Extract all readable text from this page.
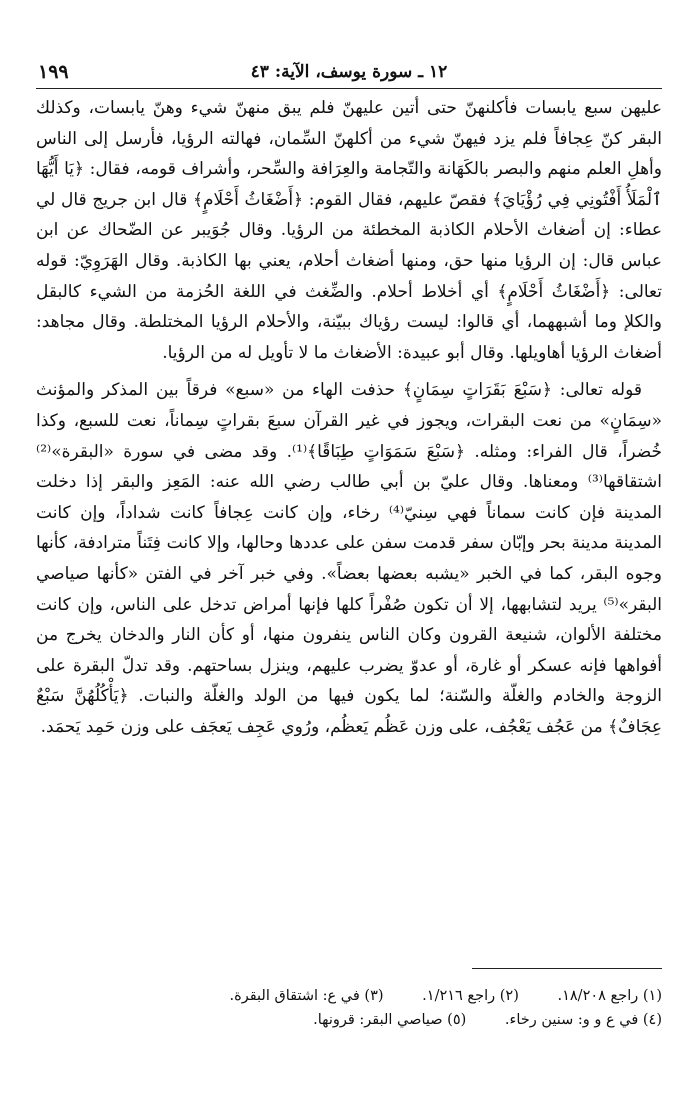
١٢ ـ سورة يوسف، الآية: ٤٣
١٩٩

عليهن سبع يابسات فأكلنهنّ حتى أتين عليهنّ فلم يبق منهنّ شيء وهنّ يابسات، وكذلك البقر كنّ عِجافاً فلم يزد فيهنّ شيء من أكلهنّ السِّمان، فهالته الرؤيا، فأرسل إلى الناس وأهلِ العلم منهم والبصر بالكَهَانة والتّجامة والعِرَافة والسِّحر، وأشراف قومه، فقال: ﴿يَا أَيُّهَا ٱلْمَلَأُ أَفْتُونِي فِي رُؤْيَايَ﴾ فقصّ عليهم، فقال القوم: ﴿أَضْغَاثُ أَحْلَامٍ﴾ قال ابن جريج قال لي عطاء: إن أضغاث الأحلام الكاذبة المخطئة من الرؤيا. وقال جُوَيبر عن الضّحاك عن ابن عباس قال: إن الرؤيا منها حق، ومنها أضغاث أحلام، يعني بها الكاذبة. وقال الهَرَوِيّ: قوله تعالى: ﴿أَضْغَاثُ أَحْلَامٍ﴾ أي أخلاط أحلام. والضِّغث في اللغة الحُزمة من الشيء كالبقل والكلإ وما أشبههما، أي قالوا: ليست رؤياك ببيّنة، والأحلام الرؤيا المختلطة. وقال مجاهد: أضغاث الرؤيا أهاويلها. وقال أبو عبيدة: الأضغاث ما لا تأويل له من الرؤيا.

قوله تعالى: ﴿سَبْعَ بَقَرَاتٍ سِمَانٍ﴾ حذفت الهاء من «سبع» فرقاً بين المذكر والمؤنث «سِمَانٍ» من نعت البقرات، ويجوز في غير القرآن سبعَ بقراتٍ سِماناً، نعت للسبع، وكذا خُضراً، قال الفراء: ومثله. ﴿سَبْعَ سَمَوَاتٍ طِبَاقًا﴾⁽¹⁾. وقد مضى في سورة «البقرة»⁽²⁾ اشتقاقها⁽³⁾ ومعناها. وقال عليّ بن أبي طالب رضي الله عنه: المَعِز والبقر إذا دخلت المدينة فإن كانت سماناً فهي سِنيّ⁽⁴⁾ رخاء، وإن كانت عِجافاً كانت شداداً، وإن كانت المدينة مدينة بحر وإبّان سفر قدمت سفن على عددها وحالها، وإلا كانت فِتَناً مترادفة، كأنها وجوه البقر، كما في الخبر «يشبه بعضها بعضاً». وفي خبر آخر في الفتن «كأنها صياصي البقر»⁽⁵⁾ يريد لتشابهها، إلا أن تكون صُفْراً كلها فإنها أمراض تدخل على الناس، وإن كانت مختلفة الألوان، شنيعة القرون وكان الناس ينفرون منها، أو كأن النار والدخان يخرج من أفواهها فإنه عسكر أو غارة، أو عدوّ يضرب عليهم، وينزل بساحتهم. وقد تدلّ البقرة على الزوجة والخادم والغلّة والسّنة؛ لما يكون فيها من الولد والغلّة والنبات. ﴿يَأْكُلُهُنَّ سَبْعٌ عِجَافٌ﴾ من عَجُف يَعْجُف، على وزن عَظُم يَعظُم، ورُوي عَجِف يَعجَف على وزن حَمِد يَحمَد.

(١) راجع ١٨/٢٠٨. (٢) راجع ١/٢١٦. (٣) في ع: اشتقاق البقرة.
(٤) في ع و و: سنين رخاء. (٥) صياصي البقر: قرونها.
